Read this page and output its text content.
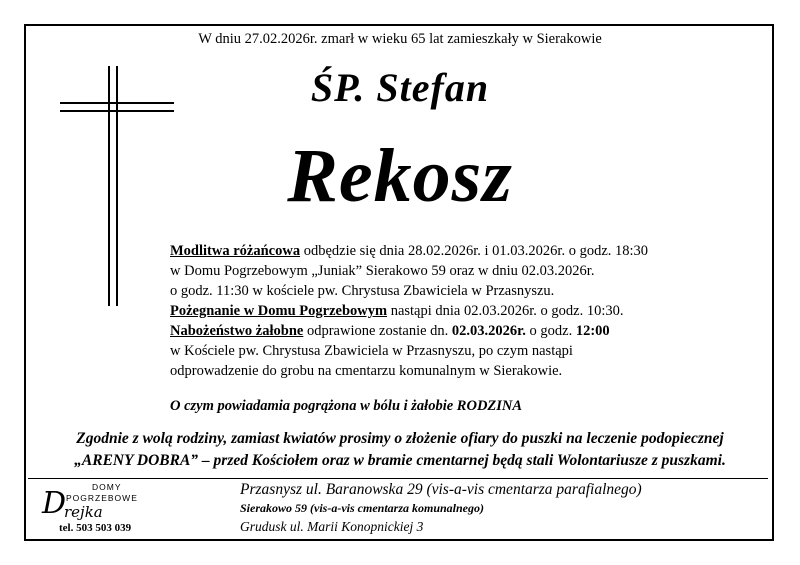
W dniu 27.02.2026r. zmarł w wieku 65 lat zamieszkały w Sierakowie
ŚP. Stefan
Rekosz

Modlitwa różańcowa odbędzie się dnia 28.02.2026r. i 01.03.2026r. o godz. 18:30

w Domu Pogrzebowym „Juniak” Sierakowo 59 oraz w dniu 02.03.2026r.

o godz. 11:30 w kościele pw. Chrystusa Zbawiciela w Przasnyszu.

Pożegnanie w Domu Pogrzebowym nastąpi dnia 02.03.2026r. o godz. 10:30.

Nabożeństwo żałobne odprawione zostanie dn. 02.03.2026r. o godz. 12:00

w Kościele pw. Chrystusa Zbawiciela w Przasnyszu, po czym nastąpi

odprowadzenie do grobu na cmentarzu komunalnym w Sierakowie.

O czym powiadamia pogrążona w bólu i żałobie RODZINA
Zgodnie z wolą rodziny, zamiast kwiatów prosimy o złożenie ofiary do puszki na leczenie podopiecznej
„ARENY DOBRA” – przed Kościołem oraz w bramie cmentarnej będą stali Wolontariusze z puszkami.
DOMY
POGRZEBOWE
D
rejka
tel. 503 503 039
Przasnysz ul. Baranowska 29 (vis-a-vis cmentarza parafialnego)
Sierakowo 59 (vis-a-vis cmentarza komunalnego)
Grudusk ul. Marii Konopnickiej 3
